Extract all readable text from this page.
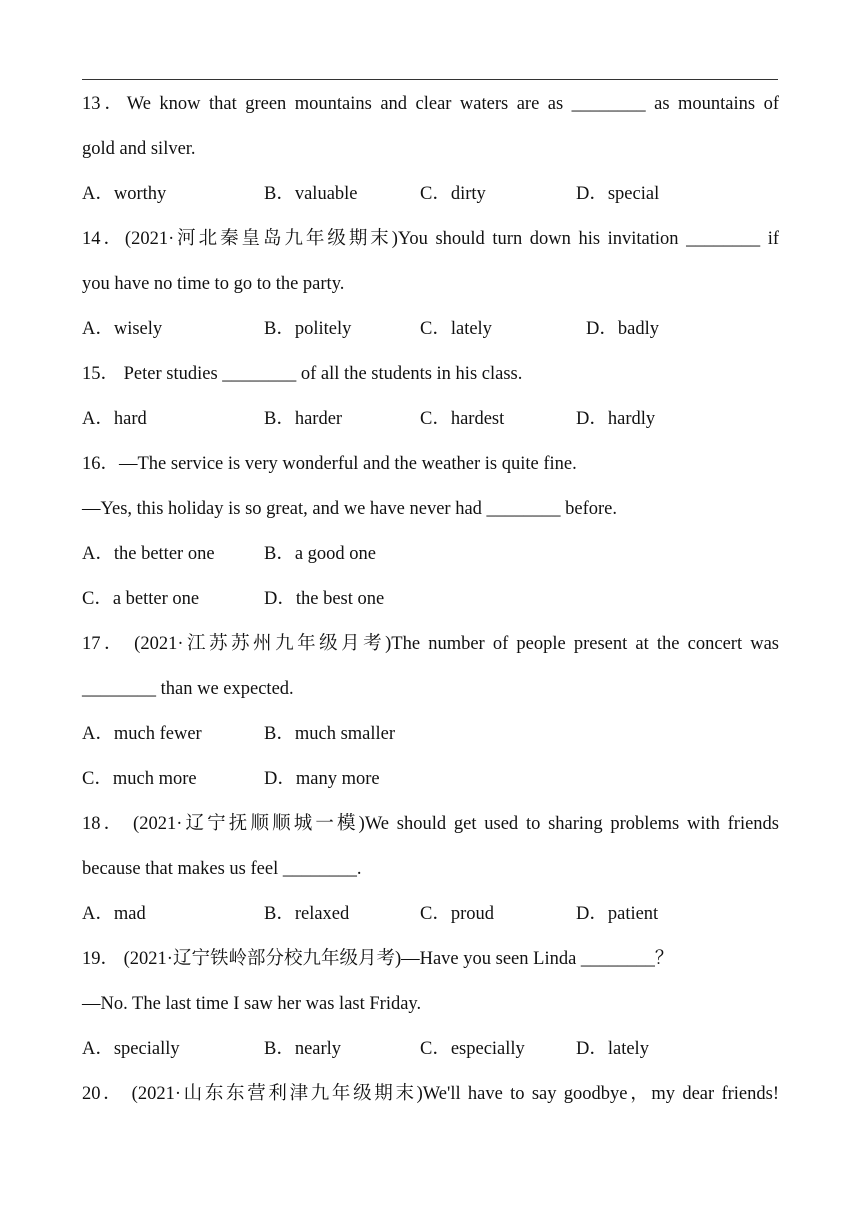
13．We know that green mountains and clear waters are as ________ as mountains of
gold and silver.
A．worthy	B．valuable	C．dirty	D．special
14．(2021·河北秦皇岛九年级期末)You should turn down his invitation ________ if
you have no time to go to the party.
A．wisely	B．politely	C．lately	D．badly
15． Peter studies ________ of all the students in his class.
A．hard	B．harder	C．hardest	D．hardly
16．—The service is very wonderful and the weather is quite fine.
—Yes, this holiday is so great, and we have never had ________ before.
A．the better one	B．a good one
C．a better one	D．the best one
17． (2021·江苏苏州九年级月考)The number of people present at the concert was
________ than we expected.
A．much fewer	B．much smaller
C．much more	D．many more
18． (2021·辽宁抚顺顺城一模)We should get used to sharing problems with friends
because that makes us feel ________.
A．mad	B．relaxed	C．proud	D．patient
19． (2021·辽宁铁岭部分校九年级月考)—Have you seen Linda ________？
—No. The last time I saw her was last Friday.
A．specially	B．nearly	C．especially	D．lately
20． (2021·山东东营利津九年级期末)We'll have to say goodbye，my dear friends!
